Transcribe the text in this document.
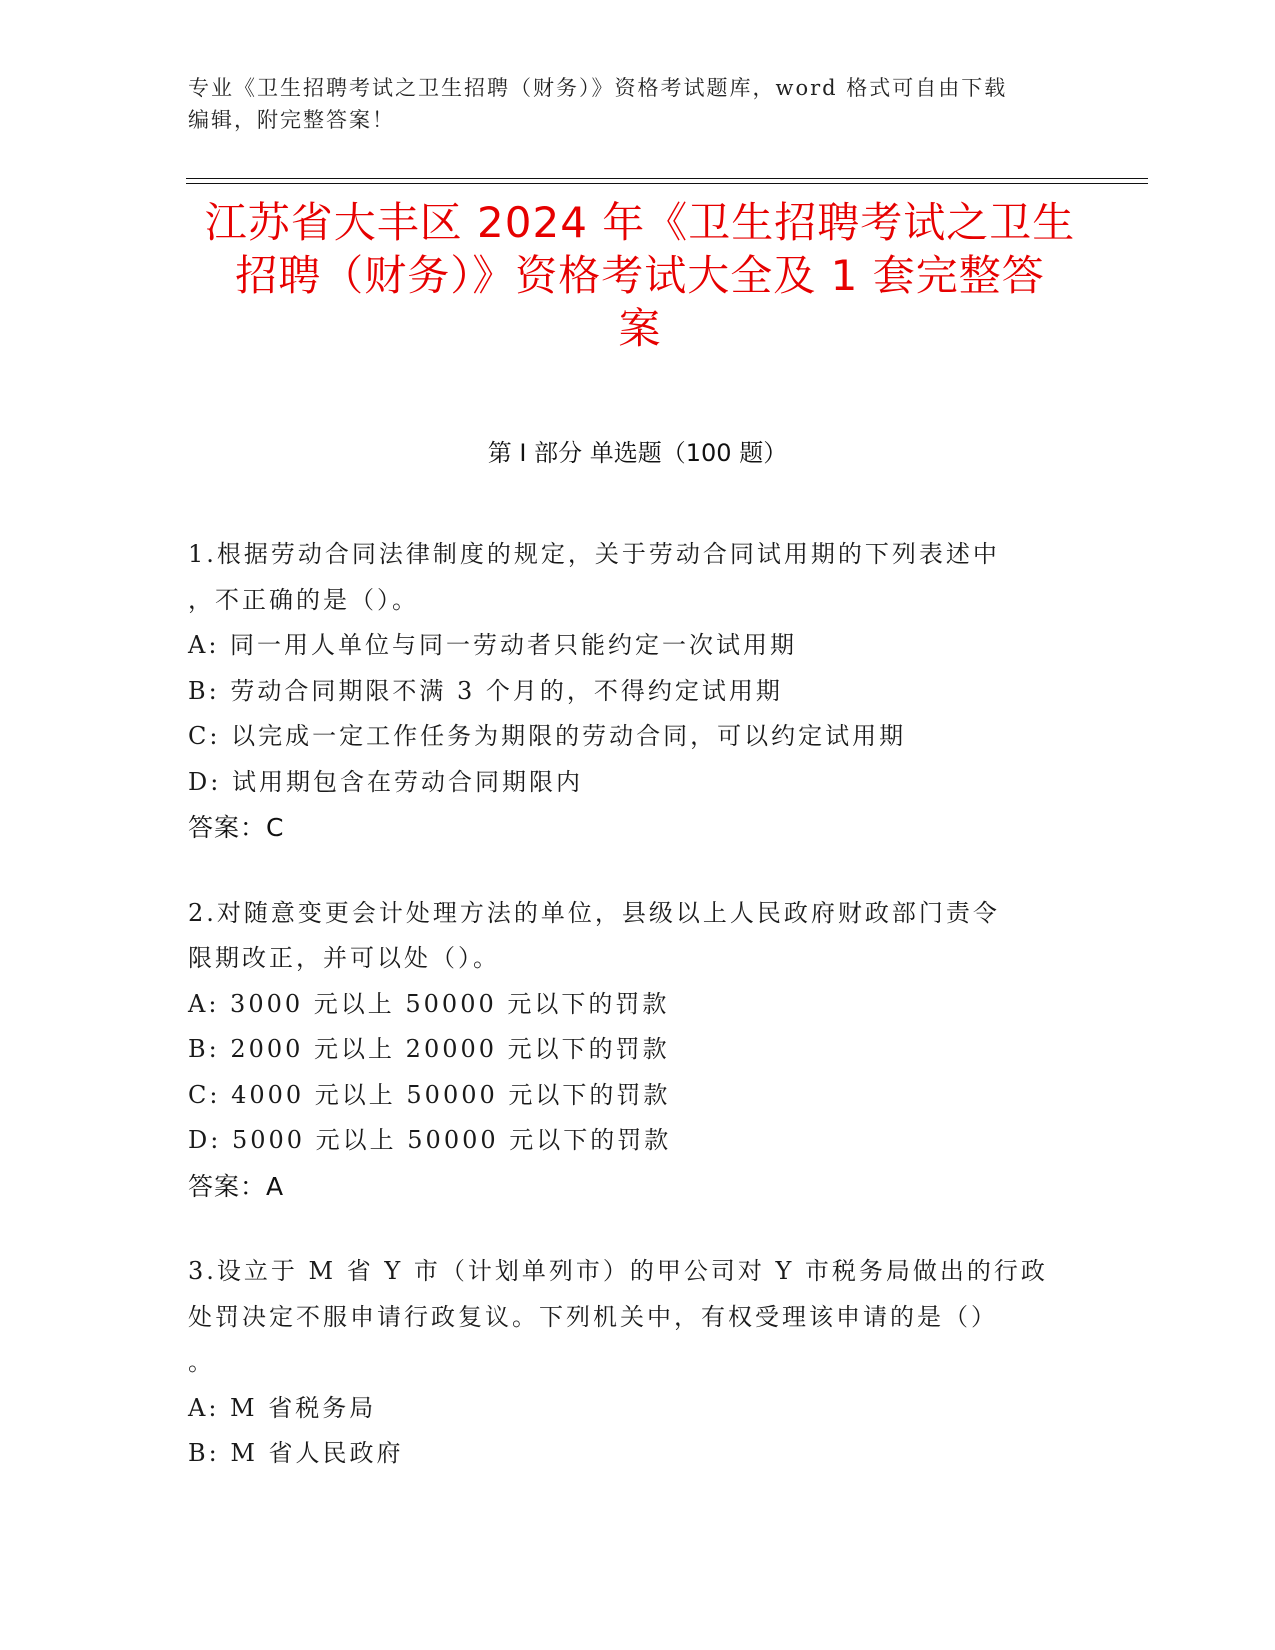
专业《卫生招聘考试之卫生招聘（财务）》资格考试题库，word 格式可自由下载
编辑，附完整答案！
江苏省大丰区 2024 年《卫生招聘考试之卫生
招聘（财务）》资格考试大全及 1 套完整答
案
第 I 部分 单选题（100 题）
1.根据劳动合同法律制度的规定，关于劳动合同试用期的下列表述中
，不正确的是（）。
A: 同一用人单位与同一劳动者只能约定一次试用期
B: 劳动合同期限不满 3 个月的，不得约定试用期
C: 以完成一定工作任务为期限的劳动合同，可以约定试用期
D: 试用期包含在劳动合同期限内
答案：C
2.对随意变更会计处理方法的单位，县级以上人民政府财政部门责令
限期改正，并可以处（）。
A: 3000 元以上 50000 元以下的罚款
B: 2000 元以上 20000 元以下的罚款
C: 4000 元以上 50000 元以下的罚款
D: 5000 元以上 50000 元以下的罚款
答案：A
3.设立于 M 省 Y 市（计划单列市）的甲公司对 Y 市税务局做出的行政
处罚决定不服申请行政复议。下列机关中，有权受理该申请的是（）
。
A: M 省税务局
B: M 省人民政府
